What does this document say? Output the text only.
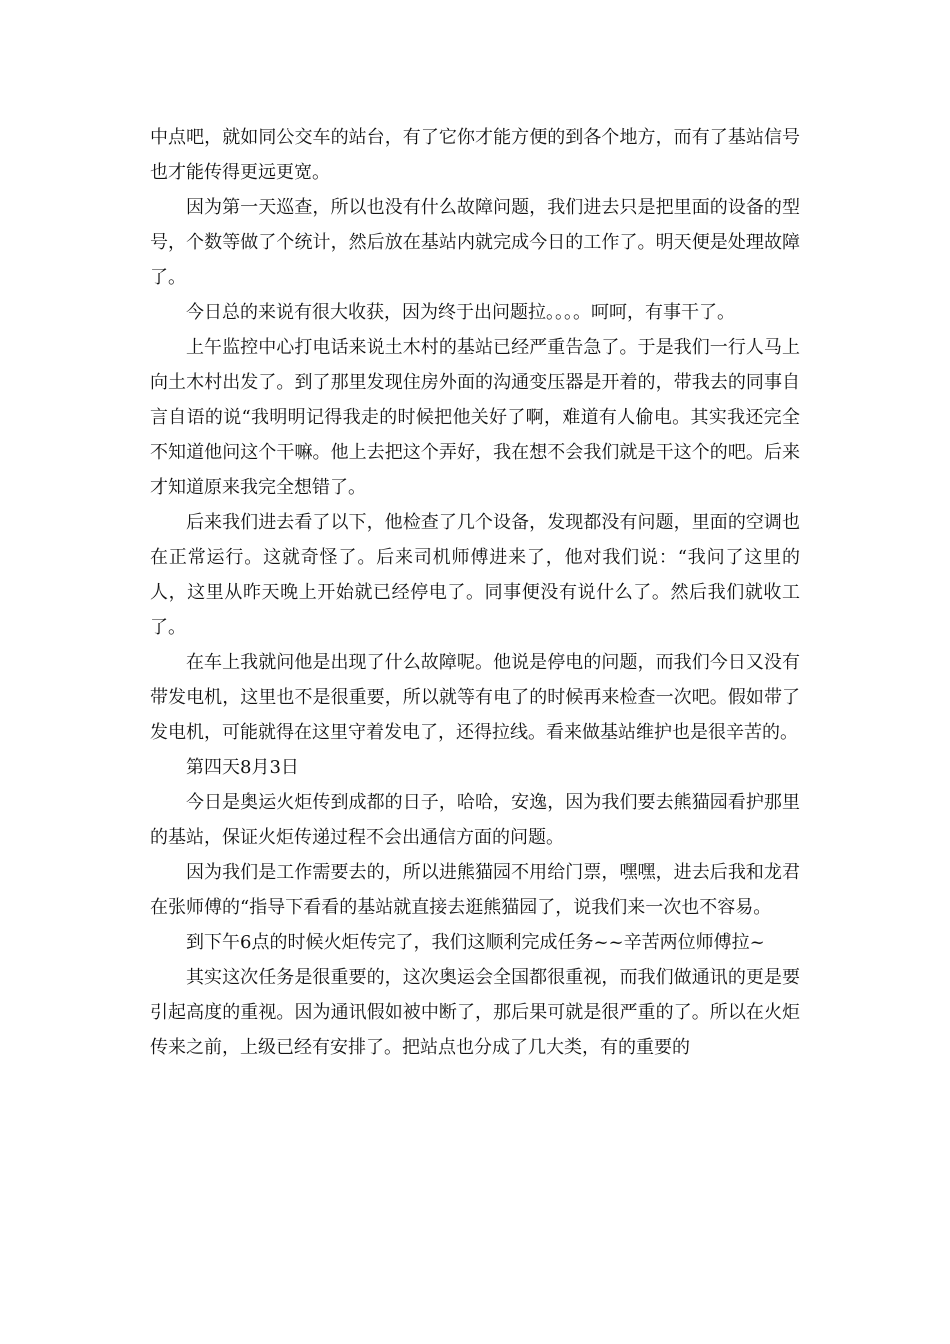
中点吧，就如同公交车的站台，有了它你才能方便的到各个地方，而有了基站信号也才能传得更远更宽。

因为第一天巡查，所以也没有什么故障问题，我们进去只是把里面的设备的型号，个数等做了个统计，然后放在基站内就完成今日的工作了。明天便是处理故障了。

今日总的来说有很大收获，因为终于出问题拉。。。。呵呵，有事干了。

上午监控中心打电话来说土木村的基站已经严重告急了。于是我们一行人马上向土木村出发了。到了那里发现住房外面的沟通变压器是开着的，带我去的同事自言自语的说“我明明记得我走的时候把他关好了啊，难道有人偷电。其实我还完全不知道他问这个干嘛。他上去把这个弄好，我在想不会我们就是干这个的吧。后来才知道原来我完全想错了。

后来我们进去看了以下，他检查了几个设备，发现都没有问题，里面的空调也在正常运行。这就奇怪了。后来司机师傅进来了，他对我们说：“我问了这里的人，这里从昨天晚上开始就已经停电了。同事便没有说什么了。然后我们就收工了。

在车上我就问他是出现了什么故障呢。他说是停电的问题，而我们今日又没有带发电机，这里也不是很重要，所以就等有电了的时候再来检查一次吧。假如带了发电机，可能就得在这里守着发电了，还得拉线。看来做基站维护也是很辛苦的。

第四天8月3日

今日是奥运火炬传到成都的日子，哈哈，安逸，因为我们要去熊猫园看护那里的基站，保证火炬传递过程不会出通信方面的问题。

因为我们是工作需要去的，所以进熊猫园不用给门票，嘿嘿，进去后我和龙君在张师傅的“指导下看看的基站就直接去逛熊猫园了，说我们来一次也不容易。

到下午6点的时候火炬传完了，我们这顺利完成任务~~辛苦两位师傅拉~

其实这次任务是很重要的，这次奥运会全国都很重视，而我们做通讯的更是要引起高度的重视。因为通讯假如被中断了，那后果可就是很严重的了。所以在火炬传来之前，上级已经有安排了。把站点也分成了几大类，有的重要的
